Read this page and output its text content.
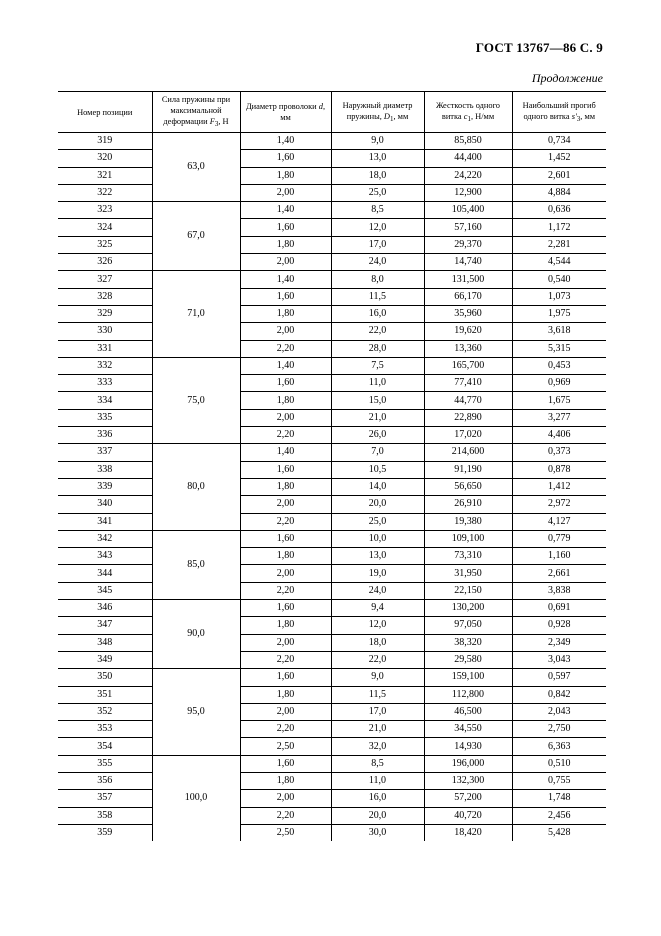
ГОСТ 13767—86 С. 9
Продолжение
Номер позиции	Сила пружины при максимальной деформации $F_3$, Н	Диаметр проволоки d, мм	Наружный диаметр пружины, $D_1$, мм	Жесткость одного витка $c_1$, Н/мм	Наибольший прогиб одного витка $s'_3$, мм
319	63,0	1,40	9,0	85,850	0,734
320		1,60	13,0	44,400	1,452
321		1,80	18,0	24,220	2,601
322		2,00	25,0	12,900	4,884
323	67,0	1,40	8,5	105,400	0,636
324		1,60	12,0	57,160	1,172
325		1,80	17,0	29,370	2,281
326		2,00	24,0	14,740	4,544
327	71,0	1,40	8,0	131,500	0,540
328		1,60	11,5	66,170	1,073
329		1,80	16,0	35,960	1,975
330		2,00	22,0	19,620	3,618
331		2,20	28,0	13,360	5,315
332	75,0	1,40	7,5	165,700	0,453
333		1,60	11,0	77,410	0,969
334		1,80	15,0	44,770	1,675
335		2,00	21,0	22,890	3,277
336		2,20	26,0	17,020	4,406
337	80,0	1,40	7,0	214,600	0,373
338		1,60	10,5	91,190	0,878
339		1,80	14,0	56,650	1,412
340		2,00	20,0	26,910	2,972
341		2,20	25,0	19,380	4,127
342	85,0	1,60	10,0	109,100	0,779
343		1,80	13,0	73,310	1,160
344		2,00	19,0	31,950	2,661
345		2,20	24,0	22,150	3,838
346	90,0	1,60	9,4	130,200	0,691
347		1,80	12,0	97,050	0,928
348		2,00	18,0	38,320	2,349
349		2,20	22,0	29,580	3,043
350	95,0	1,60	9,0	159,100	0,597
351		1,80	11,5	112,800	0,842
352		2,00	17,0	46,500	2,043
353		2,20	21,0	34,550	2,750
354		2,50	32,0	14,930	6,363
355	100,0	1,60	8,5	196,000	0,510
356		1,80	11,0	132,300	0,755
357		2,00	16,0	57,200	1,748
358		2,20	20,0	40,720	2,456
359		2,50	30,0	18,420	5,428
